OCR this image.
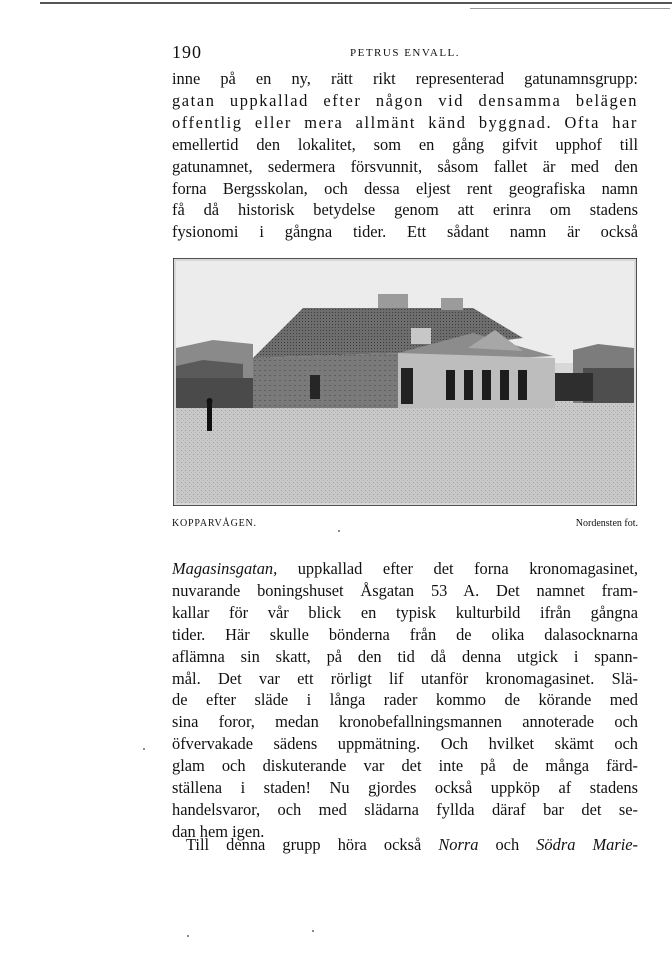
190	PETRUS ENVALL.
inne på en ny, rätt rikt representerad gatunamnsgrupp:
gatan uppkallad efter någon vid densamma belägen
offentlig eller mera allmänt känd byggnad. Ofta har
emellertid den lokalitet, som en gång gifvit upphof till
gatunamnet, sedermera försvunnit, såsom fallet är med den
forna Bergsskolan, och dessa eljest rent geografiska namn
få då historisk betydelse genom att erinra om stadens
fysionomi i gångna tider. Ett sådant namn är också
KOPPARVÅGEN.	Nordensten fot.
Magasinsgatan, uppkallad efter det forna kronomagasinet,
nuvarande boningshuset Åsgatan 53 A. Det namnet fram-
kallar för vår blick en typisk kulturbild ifrån gångna
tider. Här skulle bönderna från de olika dalasocknarna
aflämna sin skatt, på den tid då denna utgick i spann-
mål. Det var ett rörligt lif utanför kronomagasinet. Slä-
de efter släde i långa rader kommo de körande med
sina foror, medan kronobefallningsmannen annoterade och
öfvervakade sädens uppmätning. Och hvilket skämt och
glam och diskuterande var det inte på de många färd-
ställena i staden! Nu gjordes också uppköp af stadens
handelsvaror, och med slädarna fyllda däraf bar det se-
dan hem igen.
Till denna grupp höra också Norra och Södra Marie-
